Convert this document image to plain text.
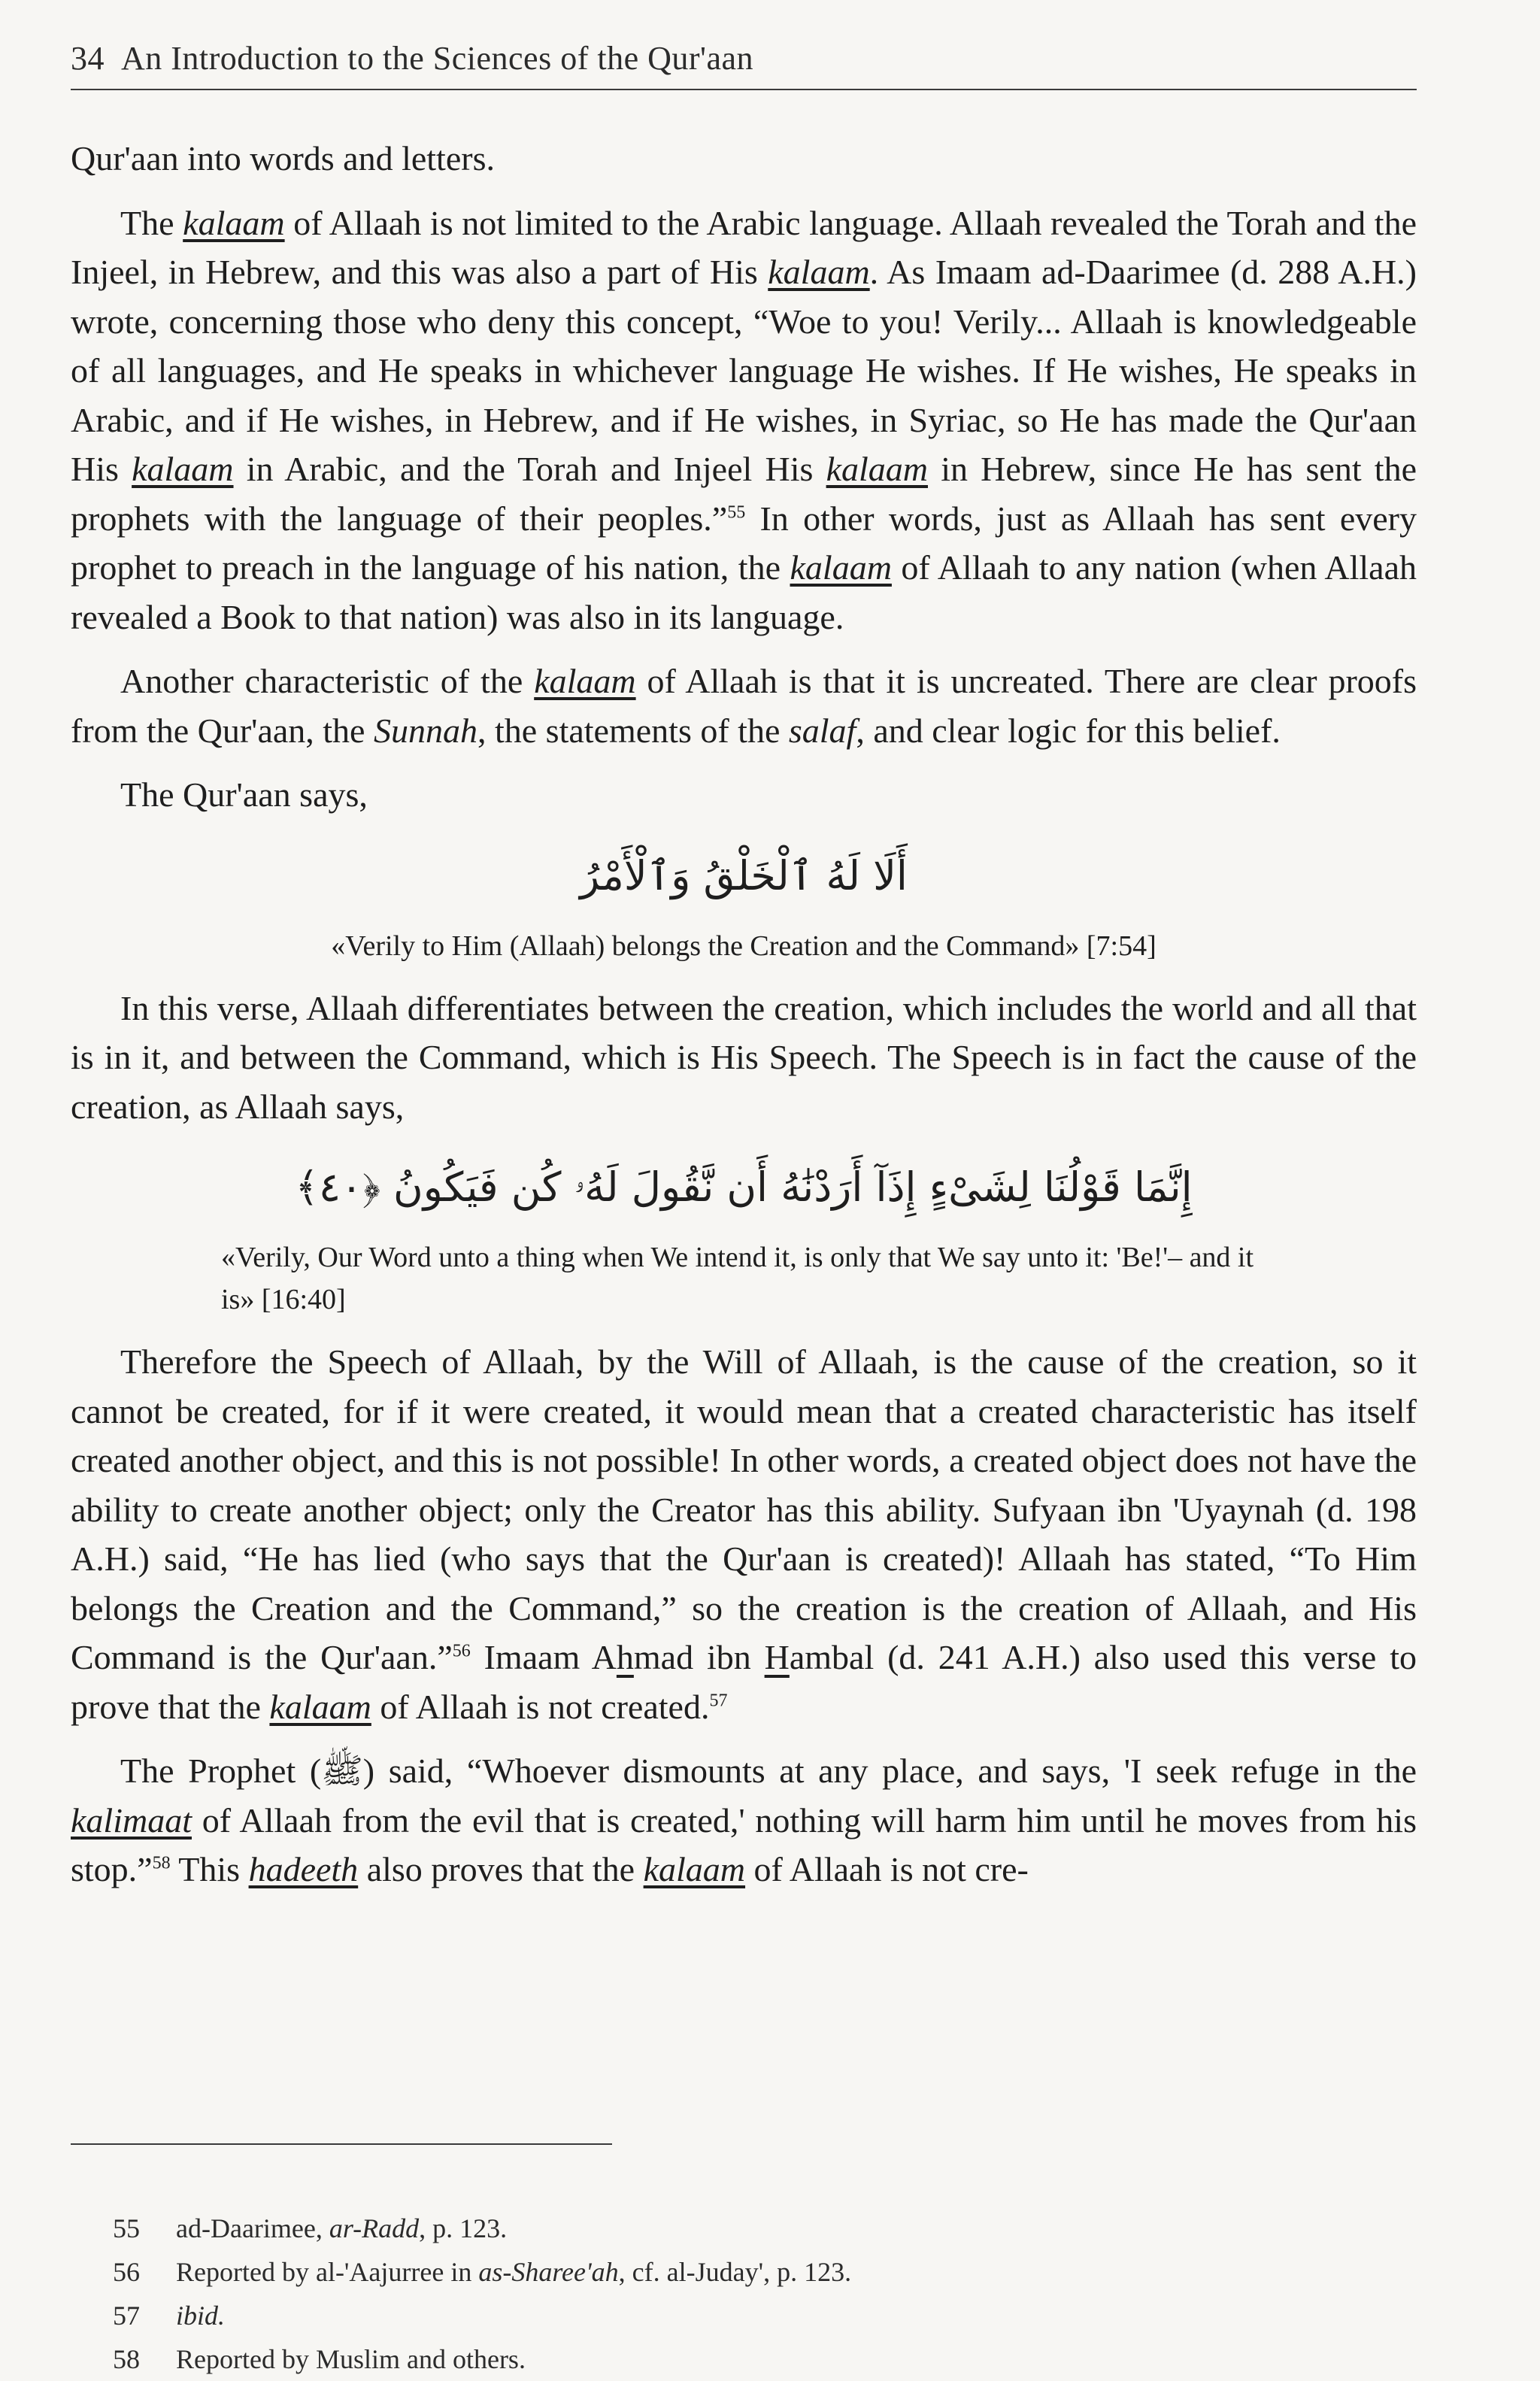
34 An Introduction to the Sciences of the Qur'aan

Qur'aan into words and letters.

The kalaam of Allaah is not limited to the Arabic language. Allaah revealed the Torah and the Injeel, in Hebrew, and this was also a part of His kalaam. As Imaam ad-Daarimee (d. 288 A.H.) wrote, concerning those who deny this concept, “Woe to you! Verily... Allaah is knowledgeable of all languages, and He speaks in whichever language He wishes. If He wishes, He speaks in Arabic, and if He wishes, in Hebrew, and if He wishes, in Syriac, so He has made the Qur'aan His kalaam in Arabic, and the Torah and Injeel His kalaam in Hebrew, since He has sent the prophets with the language of their peoples.”$^{55}$ In other words, just as Allaah has sent every prophet to preach in the language of his nation, the kalaam of Allaah to any nation (when Allaah revealed a Book to that nation) was also in its language.

Another characteristic of the kalaam of Allaah is that it is uncreated. There are clear proofs from the Qur'aan, the Sunnah, the statements of the salaf, and clear logic for this belief.

The Qur'aan says,

أَلَا لَهُ ٱلْخَلْقُ وَٱلْأَمْرُ
«Verily to Him (Allaah) belongs the Creation and the Command» [7:54]

In this verse, Allaah differentiates between the creation, which includes the world and all that is in it, and between the Command, which is His Speech. The Speech is in fact the cause of the creation, as Allaah says,

إِنَّمَا قَوْلُنَا لِشَىْءٍ إِذَآ أَرَدْنَٰهُ أَن نَّقُولَ لَهُۥ كُن فَيَكُونُ ﴿٤٠﴾
«Verily, Our Word unto a thing when We intend it, is only that We say unto it: 'Be!'– and it is» [16:40]

Therefore the Speech of Allaah, by the Will of Allaah, is the cause of the creation, so it cannot be created, for if it were created, it would mean that a created characteristic has itself created another object, and this is not possible! In other words, a created object does not have the ability to create another object; only the Creator has this ability. Sufyaan ibn 'Uyaynah (d. 198 A.H.) said, “He has lied (who says that the Qur'aan is created)! Allaah has stated, “To Him belongs the Creation and the Command,” so the creation is the creation of Allaah, and His Command is the Qur'aan.”$^{56}$ Imaam Ahmad ibn Hambal (d. 241 A.H.) also used this verse to prove that the kalaam of Allaah is not created.$^{57}$

The Prophet (ﷺ) said, “Whoever dismounts at any place, and says, 'I seek refuge in the kalimaat of Allaah from the evil that is created,' nothing will harm him until he moves from his stop.”$^{58}$ This hadeeth also proves that the kalaam of Allaah is not cre-

55	ad-Daarimee, ar-Radd, p. 123.
56	Reported by al-'Aajurree in as-Sharee'ah, cf. al-Juday', p. 123.
57	ibid.
58	Reported by Muslim and others.
